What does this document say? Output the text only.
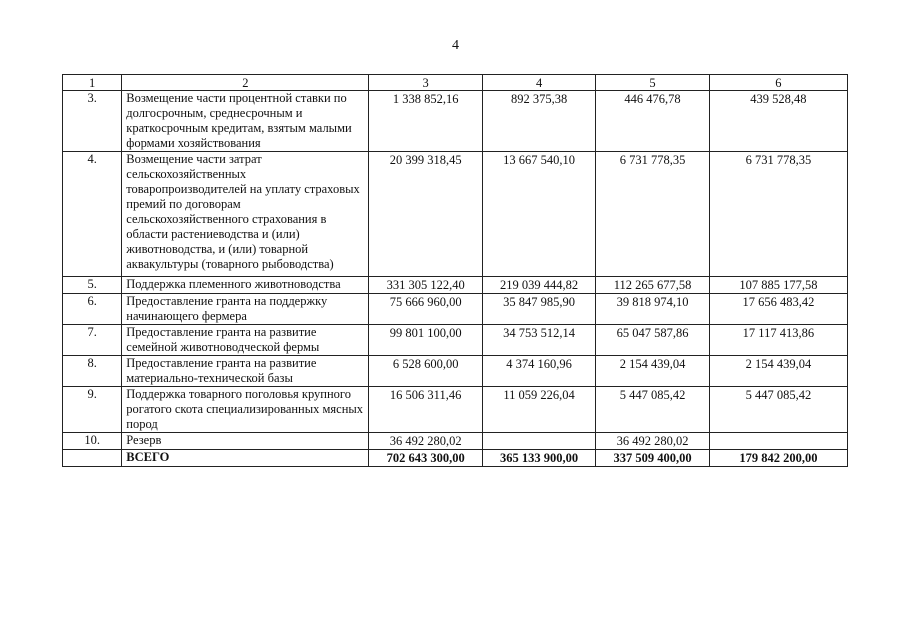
4
1	2	3	4	5	6
3.	Возмещение части процентной ставки по долгосрочным, среднесрочным и краткосрочным кредитам, взятым малыми формами хозяйствования	1 338 852,16	892 375,38	446 476,78	439 528,48
4.	Возмещение части затрат сельскохозяйственных товаропроизводителей на уплату страховых премий по договорам сельскохозяйственного страхования в области растениеводства и (или) животноводства, и (или) товарной аквакультуры (товарного рыбоводства)	20 399 318,45	13 667 540,10	6 731 778,35	6 731 778,35
5.	Поддержка племенного животноводства	331 305 122,40	219 039 444,82	112 265 677,58	107 885 177,58
6.	Предоставление гранта на поддержку начинающего фермера	75 666 960,00	35 847 985,90	39 818 974,10	17 656 483,42
7.	Предоставление гранта на развитие семейной животноводческой фермы	99 801 100,00	34 753 512,14	65 047 587,86	17 117 413,86
8.	Предоставление гранта на развитие материально-технической базы	6 528 600,00	4 374 160,96	2 154 439,04	2 154 439,04
9.	Поддержка товарного поголовья крупного рогатого скота специализированных мясных пород	16 506 311,46	11 059 226,04	5 447 085,42	5 447 085,42
10.	Резерв	36 492 280,02		36 492 280,02	
	ВСЕГО	702 643 300,00	365 133 900,00	337 509 400,00	179 842 200,00
